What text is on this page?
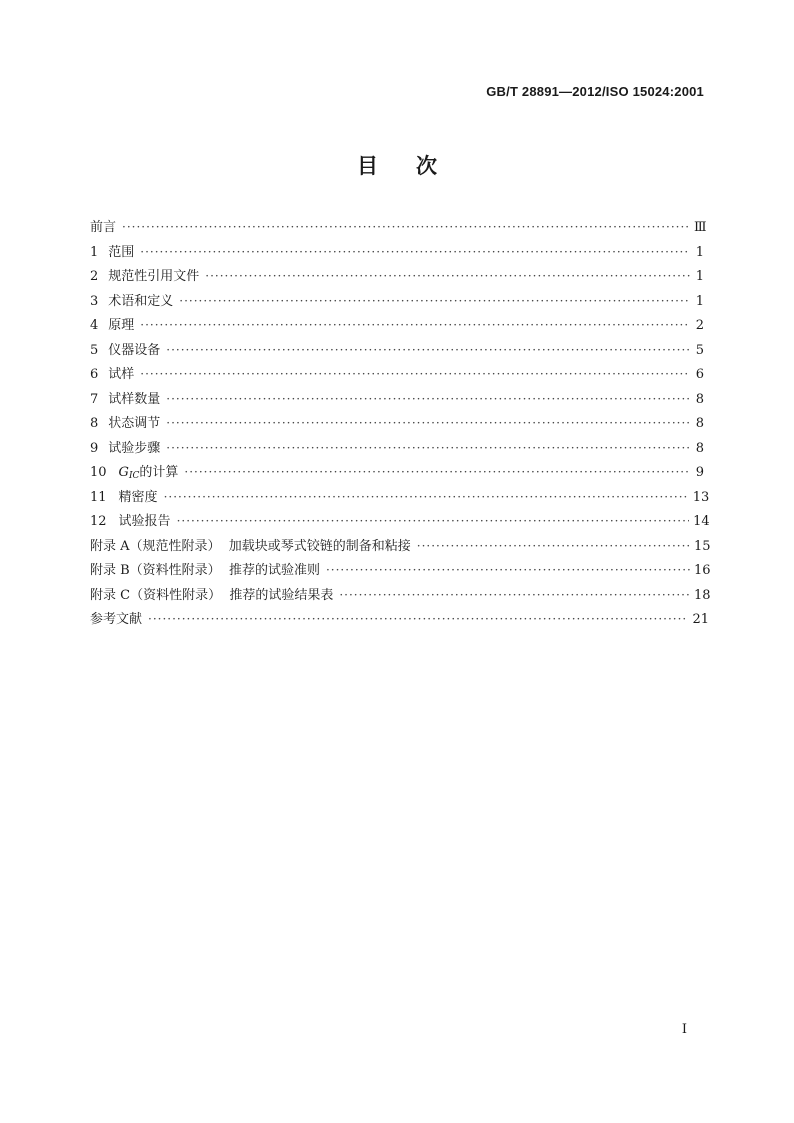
GB/T 28891—2012/ISO 15024:2001
目次
前言 ·····	Ⅲ
1 范围 ·····	1
2 规范性引用文件 ·····	1
3 术语和定义 ·····	1
4 原理 ·····	2
5 仪器设备 ·····	5
6 试样 ·····	6
7 试样数量 ·····	8
8 状态调节 ·····	8
9 试验步骤 ·····	8
10 GIC的计算 ·····	9
11 精密度 ·····	13
12 试验报告 ·····	14
附录 A（规范性附录）  加载块或琴式铰链的制备和粘接 ·····	15
附录 B（资料性附录）  推荐的试验准则 ·····	16
附录 C（资料性附录）  推荐的试验结果表 ·····	18
参考文献 ·····	21
I
